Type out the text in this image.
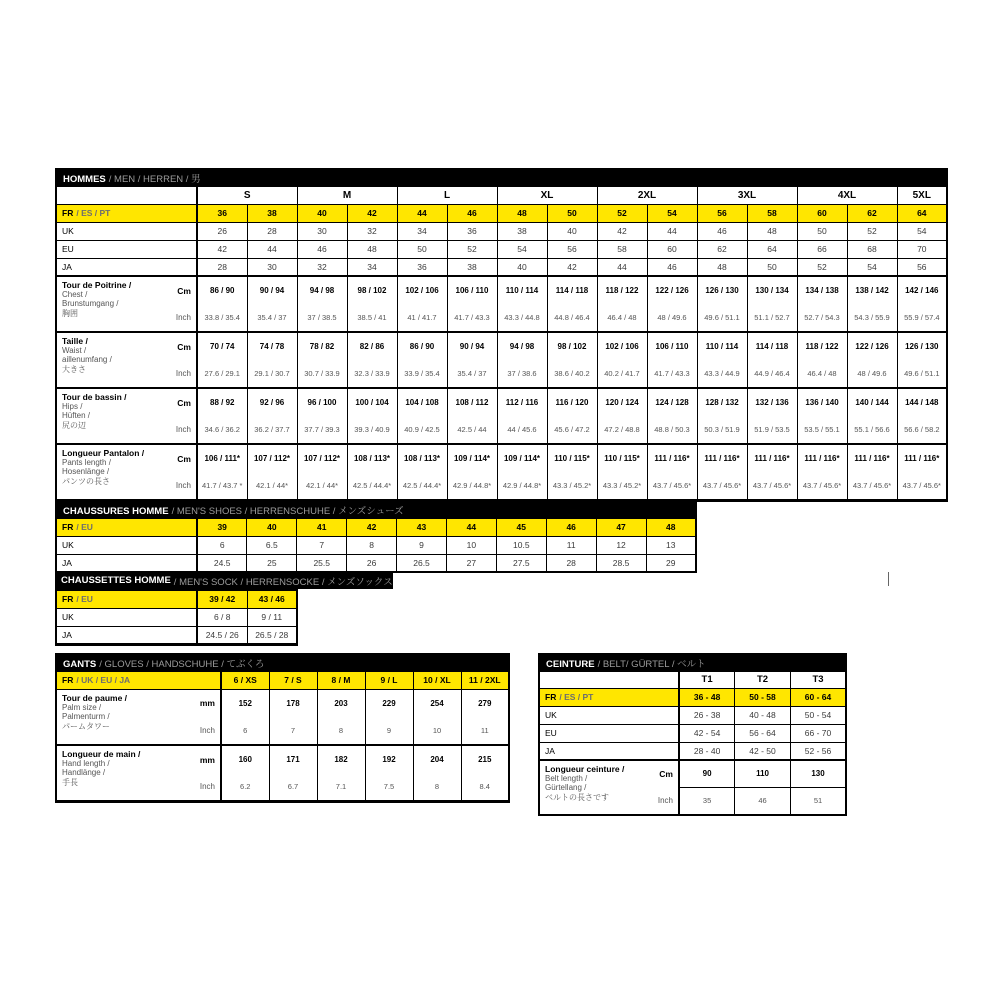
HOMMES / MEN / HERREN / 男															
	S		M		L		XL		2XL		3XL		4XL		5XL
FR / ES / PT	36	38	40	42	44	46	48	50	52	54	56	58	60	62	64
UK	26	28	30	32	34	36	38	40	42	44	46	48	50	52	54
EU	42	44	46	48	50	52	54	56	58	60	62	64	66	68	70
JA	28	30	32	34	36	38	40	42	44	46	48	50	52	54	56

Tour de Poitrine /
Chest /
Brunstumgang /
胸囲
Cm
Inch
	86 / 90	90 / 94	94 / 98	98 / 102	102 / 106	106 / 110	110 / 114	114 / 118	118 / 122	122 / 126	126 / 130	130 / 134	134 / 138	138 / 142	142 / 146
	33.8 / 35.4	35.4 / 37	37 / 38.5	38.5 / 41	41 / 41.7	41.7 / 43.3	43.3 / 44.8	44.8 / 46.4	46.4 / 48	48 / 49.6	49.6 / 51.1	51.1 / 52.7	52.7 / 54.3	54.3 / 55.9	55.9 / 57.4

Taille /
Waist /
aillenumfang /
大きさ
Cm
Inch
	70 / 74	74 / 78	78 / 82	82 / 86	86 / 90	90 / 94	94 / 98	98 / 102	102 / 106	106 / 110	110 / 114	114 / 118	118 / 122	122 / 126	126 / 130
	27.6 / 29.1	29.1 / 30.7	30.7 / 33.9	32.3 / 33.9	33.9 / 35.4	35.4 / 37	37 / 38.6	38.6 / 40.2	40.2 / 41.7	41.7 / 43.3	43.3 / 44.9	44.9 / 46.4	46.4 / 48	48 / 49.6	49.6 / 51.1

Tour de bassin /
Hips /
Hüften /
尻の辺
Cm
Inch
	88 / 92	92 / 96	96 / 100	100 / 104	104 / 108	108 / 112	112 / 116	116 / 120	120 / 124	124 / 128	128 / 132	132 / 136	136 / 140	140 / 144	144 / 148
	34.6 / 36.2	36.2 / 37.7	37.7 / 39.3	39.3 / 40.9	40.9 / 42.5	42.5 / 44	44 / 45.6	45.6 / 47.2	47.2 / 48.8	48.8 / 50.3	50.3 / 51.9	51.9 / 53.5	53.5 / 55.1	55.1 / 56.6	56.6 / 58.2

Longueur Pantalon /
Pants length /
Hosenlänge /
パンツの長さ
Cm
Inch
	106 / 111*	107 / 112*	107 / 112*	108 / 113*	108 / 113*	109 / 114*	109 / 114*	110 / 115*	110 / 115*	111 / 116*	111 / 116*	111 / 116*	111 / 116*	111 / 116*	111 / 116*
	41.7 / 43.7 *	42.1 / 44*	42.1 / 44*	42.5 / 44.4*	42.5 / 44.4*	42.9 / 44.8*	42.9 / 44.8*	43.3 / 45.2*	43.3 / 45.2*	43.7 / 45.6*	43.7 / 45.6*	43.7 / 45.6*	43.7 / 45.6*	43.7 / 45.6*	43.7 / 45.6*
CHAUSSURES HOMME / MEN'S SHOES / HERRENSCHUHE / メンズシューズ										
FR / EU	39	40	41	42	43	44	45	46	47	48
UK	6	6.5	7	8	9	10	10.5	11	12	13
JA	24.5	25	25.5	26	26.5	27	27.5	28	28.5	29
CHAUSSETTES HOMME / MEN'S SOCK / HERRENSOCKE / メンズソックス
FR / EU	39 / 42	43 / 46
UK	6 / 8	9 / 11
JA	24.5 / 26	26.5 / 28
GANTS / GLOVES / HANDSCHUHE / てぶくろ						
FR / UK / EU / JA	6 / XS	7 / S	8 / M	9 / L	10 / XL	11 / 2XL

Tour de paume /
Palm size /
Palmenturm /
パームタワー
mm
Inch
	152	178	203	229	254	279
	6	7	8	9	10	11

Longueur de main /
Hand length /
Handlänge /
手長
mm
Inch
	160	171	182	192	204	215
	6.2	6.7	7.1	7.5	8	8.4
CEINTURE / BELT/ GÜRTEL / ベルト			
	T1	T2	T3
FR / ES / PT	36 - 48	50 - 58	60 - 64
UK	26 - 38	40 - 48	50 - 54
EU	42 - 54	56 - 64	66 - 70
JA	28 - 40	42 - 50	52 - 56

Longueur ceinture /
Belt length /
Gürtellang /
ベルトの長さです
Cm
Inch
	90	110	130
	35	46	51
